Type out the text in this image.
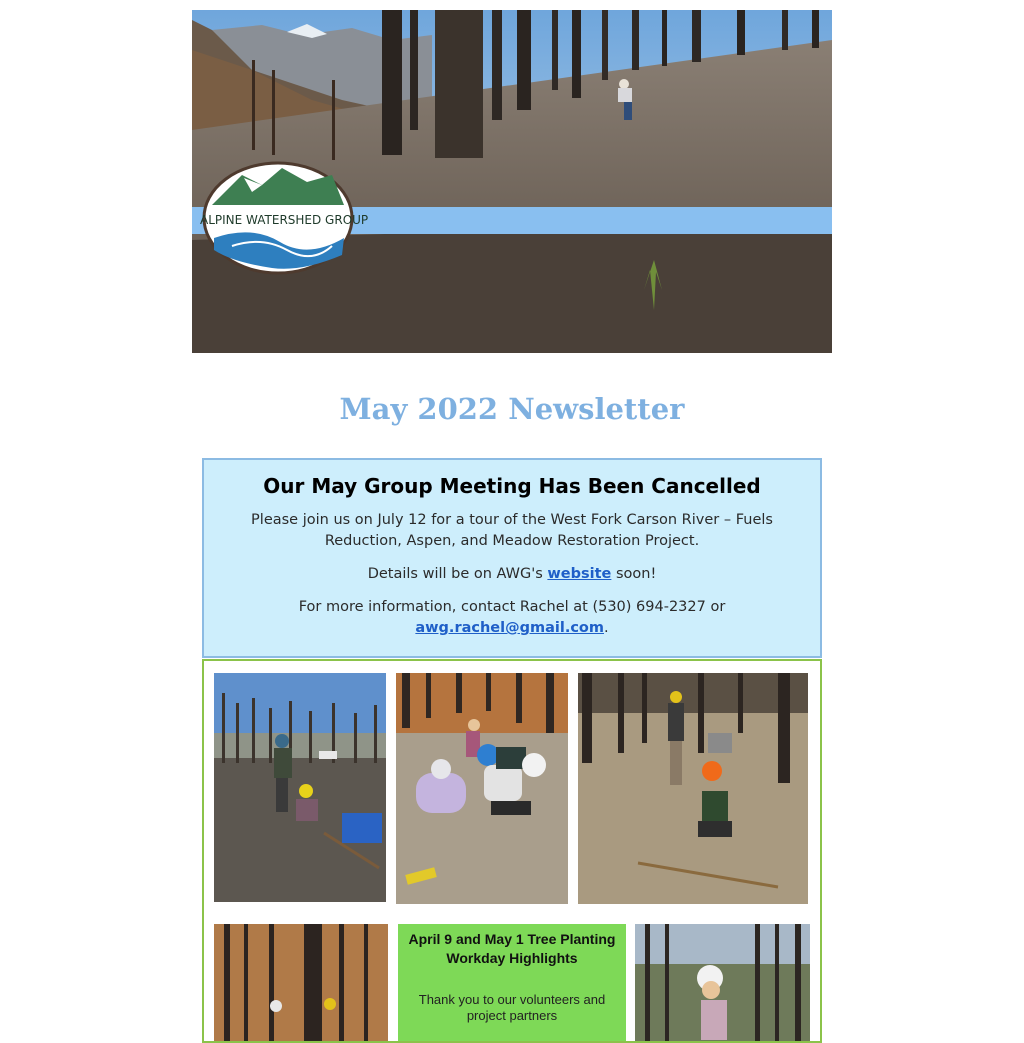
ALPINE WATERSHED GROUP
May 2022 Newsletter
Our May Group Meeting Has Been Cancelled

Please join us on July 12 for a tour of the West Fork Carson River – Fuels Reduction, Aspen, and Meadow Restoration Project.

Details will be on AWG's website soon!

For more information, contact Rachel at (530) 694-2327 or
awg.rachel@gmail.com.

April 9 and May 1 Tree Planting Workday Highlights
Thank you to our volunteers and project partners
